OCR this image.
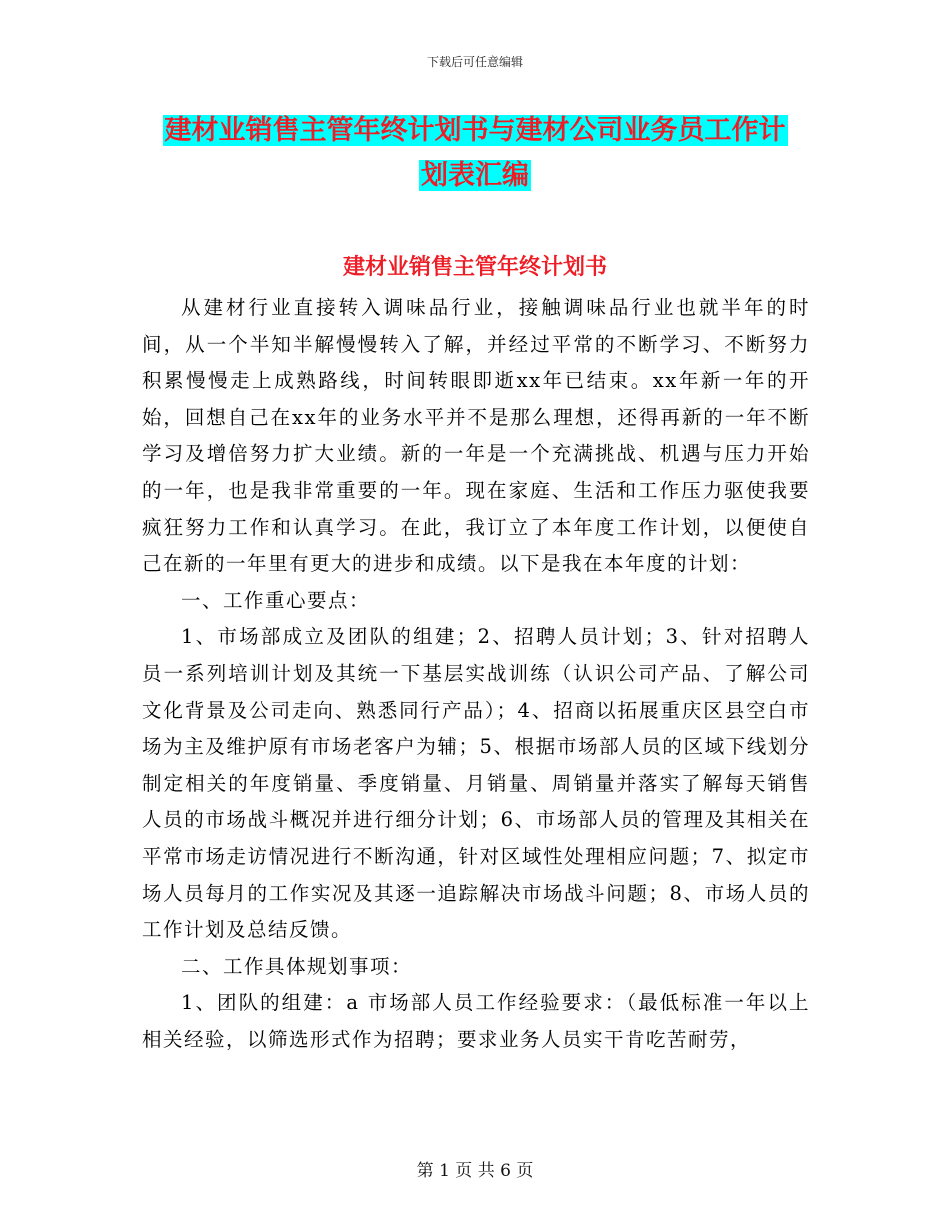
下载后可任意编辑
建材业销售主管年终计划书与建材公司业务员工作计
划表汇编
建材业销售主管年终计划书

从建材行业直接转入调味品行业，接触调味品行业也就半年的时间，从一个半知半解慢慢转入了解，并经过平常的不断学习、不断努力积累慢慢走上成熟路线，时间转眼即逝xx年已结束。xx年新一年的开始，回想自己在xx年的业务水平并不是那么理想，还得再新的一年不断学习及增倍努力扩大业绩。新的一年是一个充满挑战、机遇与压力开始的一年，也是我非常重要的一年。现在家庭、生活和工作压力驱使我要疯狂努力工作和认真学习。在此，我订立了本年度工作计划，以便使自己在新的一年里有更大的进步和成绩。以下是我在本年度的计划：

一、工作重心要点：

1、市场部成立及团队的组建；2、招聘人员计划；3、针对招聘人员一系列培训计划及其统一下基层实战训练（认识公司产品、了解公司文化背景及公司走向、熟悉同行产品）；4、招商以拓展重庆区县空白市场为主及维护原有市场老客户为辅；5、根据市场部人员的区域下线划分制定相关的年度销量、季度销量、月销量、周销量并落实了解每天销售人员的市场战斗概况并进行细分计划；6、市场部人员的管理及其相关在平常市场走访情况进行不断沟通，针对区域性处理相应问题；7、拟定市场人员每月的工作实况及其逐一追踪解决市场战斗问题；8、市场人员的工作计划及总结反馈。

二、工作具体规划事项：

1、团队的组建：a 市场部人员工作经验要求：（最低标准一年以上相关经验，以筛选形式作为招聘；要求业务人员实干肯吃苦耐劳，

第 1 页 共 6 页
